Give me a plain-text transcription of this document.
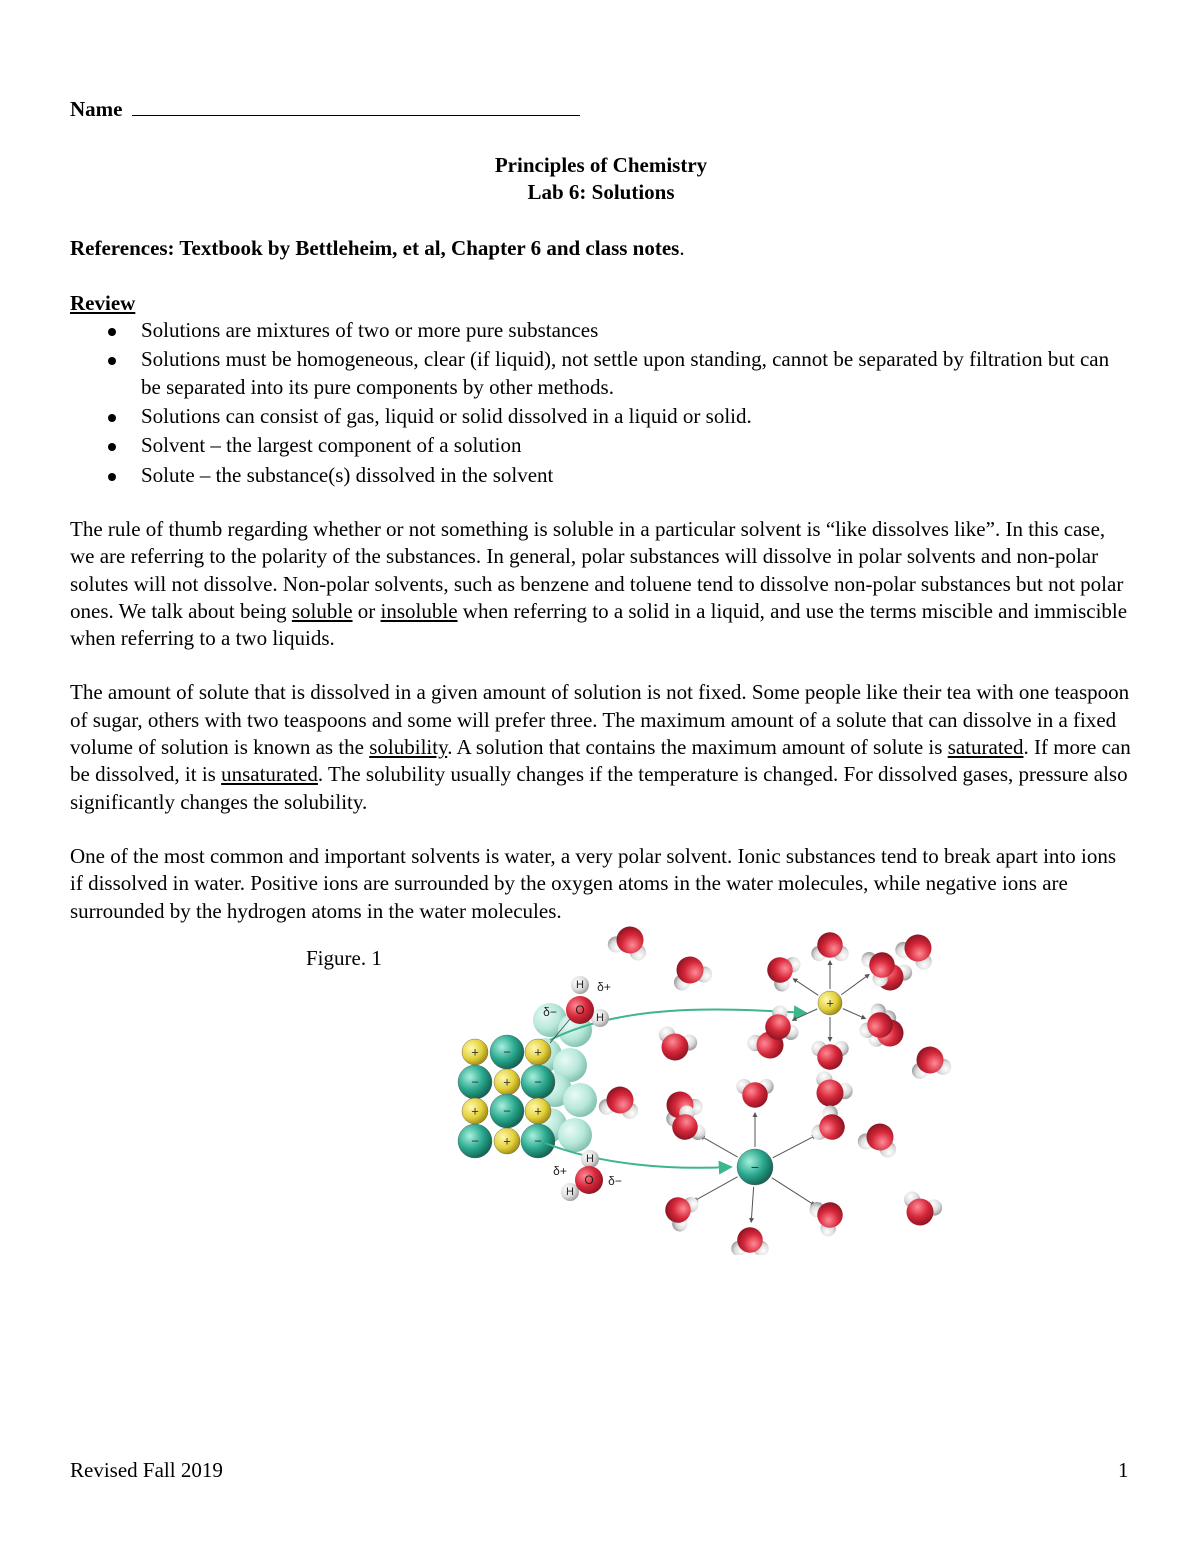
Name
Principles of Chemistry
Lab 6: Solutions
References: Textbook by Bettleheim, et al, Chapter 6 and class notes.
Review
Solutions are mixtures of two or more pure substances
Solutions must be homogeneous, clear (if liquid), not settle upon standing, cannot be separated by filtration but can be separated into its pure components by other methods.
Solutions can consist of gas, liquid or solid dissolved in a liquid or solid.
Solvent – the largest component of a solution
Solute – the substance(s) dissolved in the solvent

The rule of thumb regarding whether or not something is soluble in a particular solvent is “like dissolves like”. In this case, we are referring to the polarity of the substances. In general, polar substances will dissolve in polar solvents and non-polar solutes will not dissolve. Non-polar solvents, such as benzene and toluene tend to dissolve non-polar substances but not polar ones. We talk about being soluble or insoluble when referring to a solid in a liquid, and use the terms miscible and immiscible when referring to a two liquids.

The amount of solute that is dissolved in a given amount of solution is not fixed. Some people like their tea with one teaspoon of sugar, others with two teaspoons and some will prefer three. The maximum amount of a solute that can dissolve in a fixed volume of solution is known as the solubility. A solution that contains the maximum amount of solute is saturated. If more can be dissolved, it is unsaturated. The solubility usually changes if the temperature is changed. For dissolved gases, pressure also significantly changes the solubility.

One of the most common and important solvents is water, a very polar solvent. Ionic substances tend to break apart into ions if dissolved in water. Positive ions are surrounded by the oxygen atoms in the water molecules, while negative ions are surrounded by the hydrogen atoms in the water molecules.

Figure. 1
+ − +
− + −
+ − +
− + −
+
−
H
H
O
δ+
δ−
H
H
O
δ+
δ−
Revised Fall 2019	1
